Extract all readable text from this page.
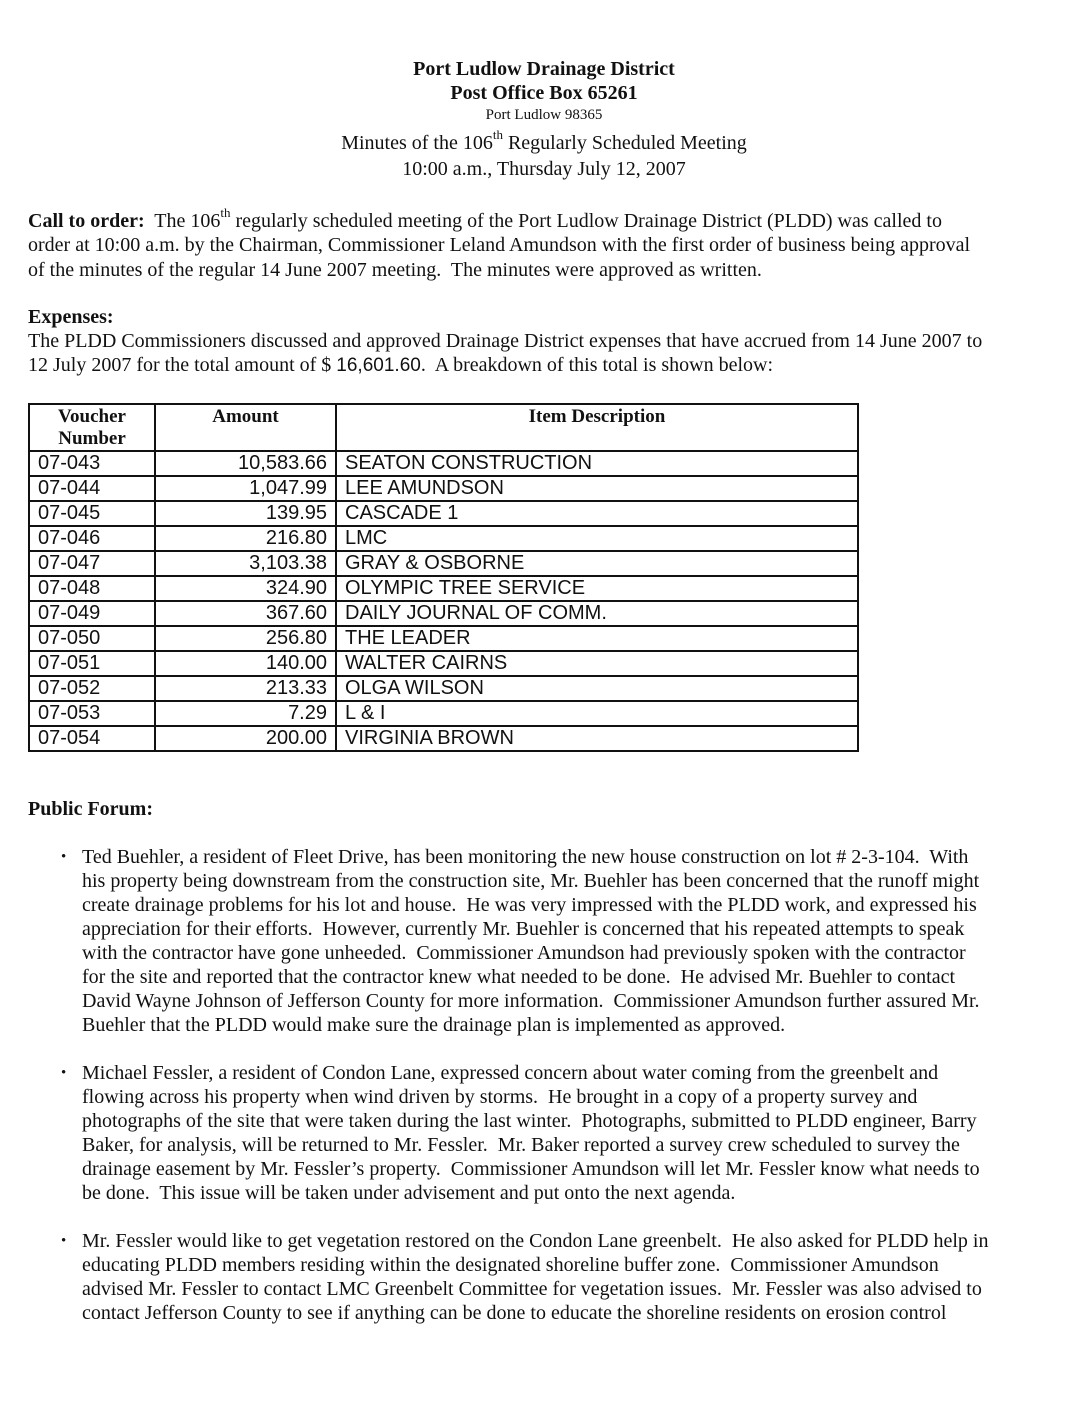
Port Ludlow Drainage District
Post Office Box 65261
Port Ludlow 98365
Minutes of the 106th Regularly Scheduled Meeting
10:00 a.m., Thursday July 12, 2007
Call to order:  The 106th regularly scheduled meeting of the Port Ludlow Drainage District (PLDD) was called to
order at 10:00 a.m. by the Chairman, Commissioner Leland Amundson with the first order of business being approval
of the minutes of the regular 14 June 2007 meeting.  The minutes were approved as written.
Expenses:
The PLDD Commissioners discussed and approved Drainage District expenses that have accrued from 14 June 2007 to
12 July 2007 for the total amount of $ 16,601.60.  A breakdown of this total is shown below:
Voucher
Number	Amount	Item Description
07-043	10,583.66	SEATON CONSTRUCTION
07-044	1,047.99	LEE AMUNDSON
07-045	139.95	CASCADE 1
07-046	216.80	LMC
07-047	3,103.38	GRAY & OSBORNE
07-048	324.90	OLYMPIC TREE SERVICE
07-049	367.60	DAILY JOURNAL OF COMM.
07-050	256.80	THE LEADER
07-051	140.00	WALTER CAIRNS
07-052	213.33	OLGA WILSON
07-053	7.29	L & I
07-054	200.00	VIRGINIA BROWN
Public Forum:
• Ted Buehler, a resident of Fleet Drive, has been monitoring the new house construction on lot # 2-3-104.  With
his property being downstream from the construction site, Mr. Buehler has been concerned that the runoff might
create drainage problems for his lot and house.  He was very impressed with the PLDD work, and expressed his
appreciation for their efforts.  However, currently Mr. Buehler is concerned that his repeated attempts to speak
with the contractor have gone unheeded.  Commissioner Amundson had previously spoken with the contractor
for the site and reported that the contractor knew what needed to be done.  He advised Mr. Buehler to contact
David Wayne Johnson of Jefferson County for more information.  Commissioner Amundson further assured Mr.
Buehler that the PLDD would make sure the drainage plan is implemented as approved.
• Michael Fessler, a resident of Condon Lane, expressed concern about water coming from the greenbelt and
flowing across his property when wind driven by storms.  He brought in a copy of a property survey and
photographs of the site that were taken during the last winter.  Photographs, submitted to PLDD engineer, Barry
Baker, for analysis, will be returned to Mr. Fessler.  Mr. Baker reported a survey crew scheduled to survey the
drainage easement by Mr. Fessler’s property.  Commissioner Amundson will let Mr. Fessler know what needs to
be done.  This issue will be taken under advisement and put onto the next agenda.
• Mr. Fessler would like to get vegetation restored on the Condon Lane greenbelt.  He also asked for PLDD help in
educating PLDD members residing within the designated shoreline buffer zone.  Commissioner Amundson
advised Mr. Fessler to contact LMC Greenbelt Committee for vegetation issues.  Mr. Fessler was also advised to
contact Jefferson County to see if anything can be done to educate the shoreline residents on erosion control
